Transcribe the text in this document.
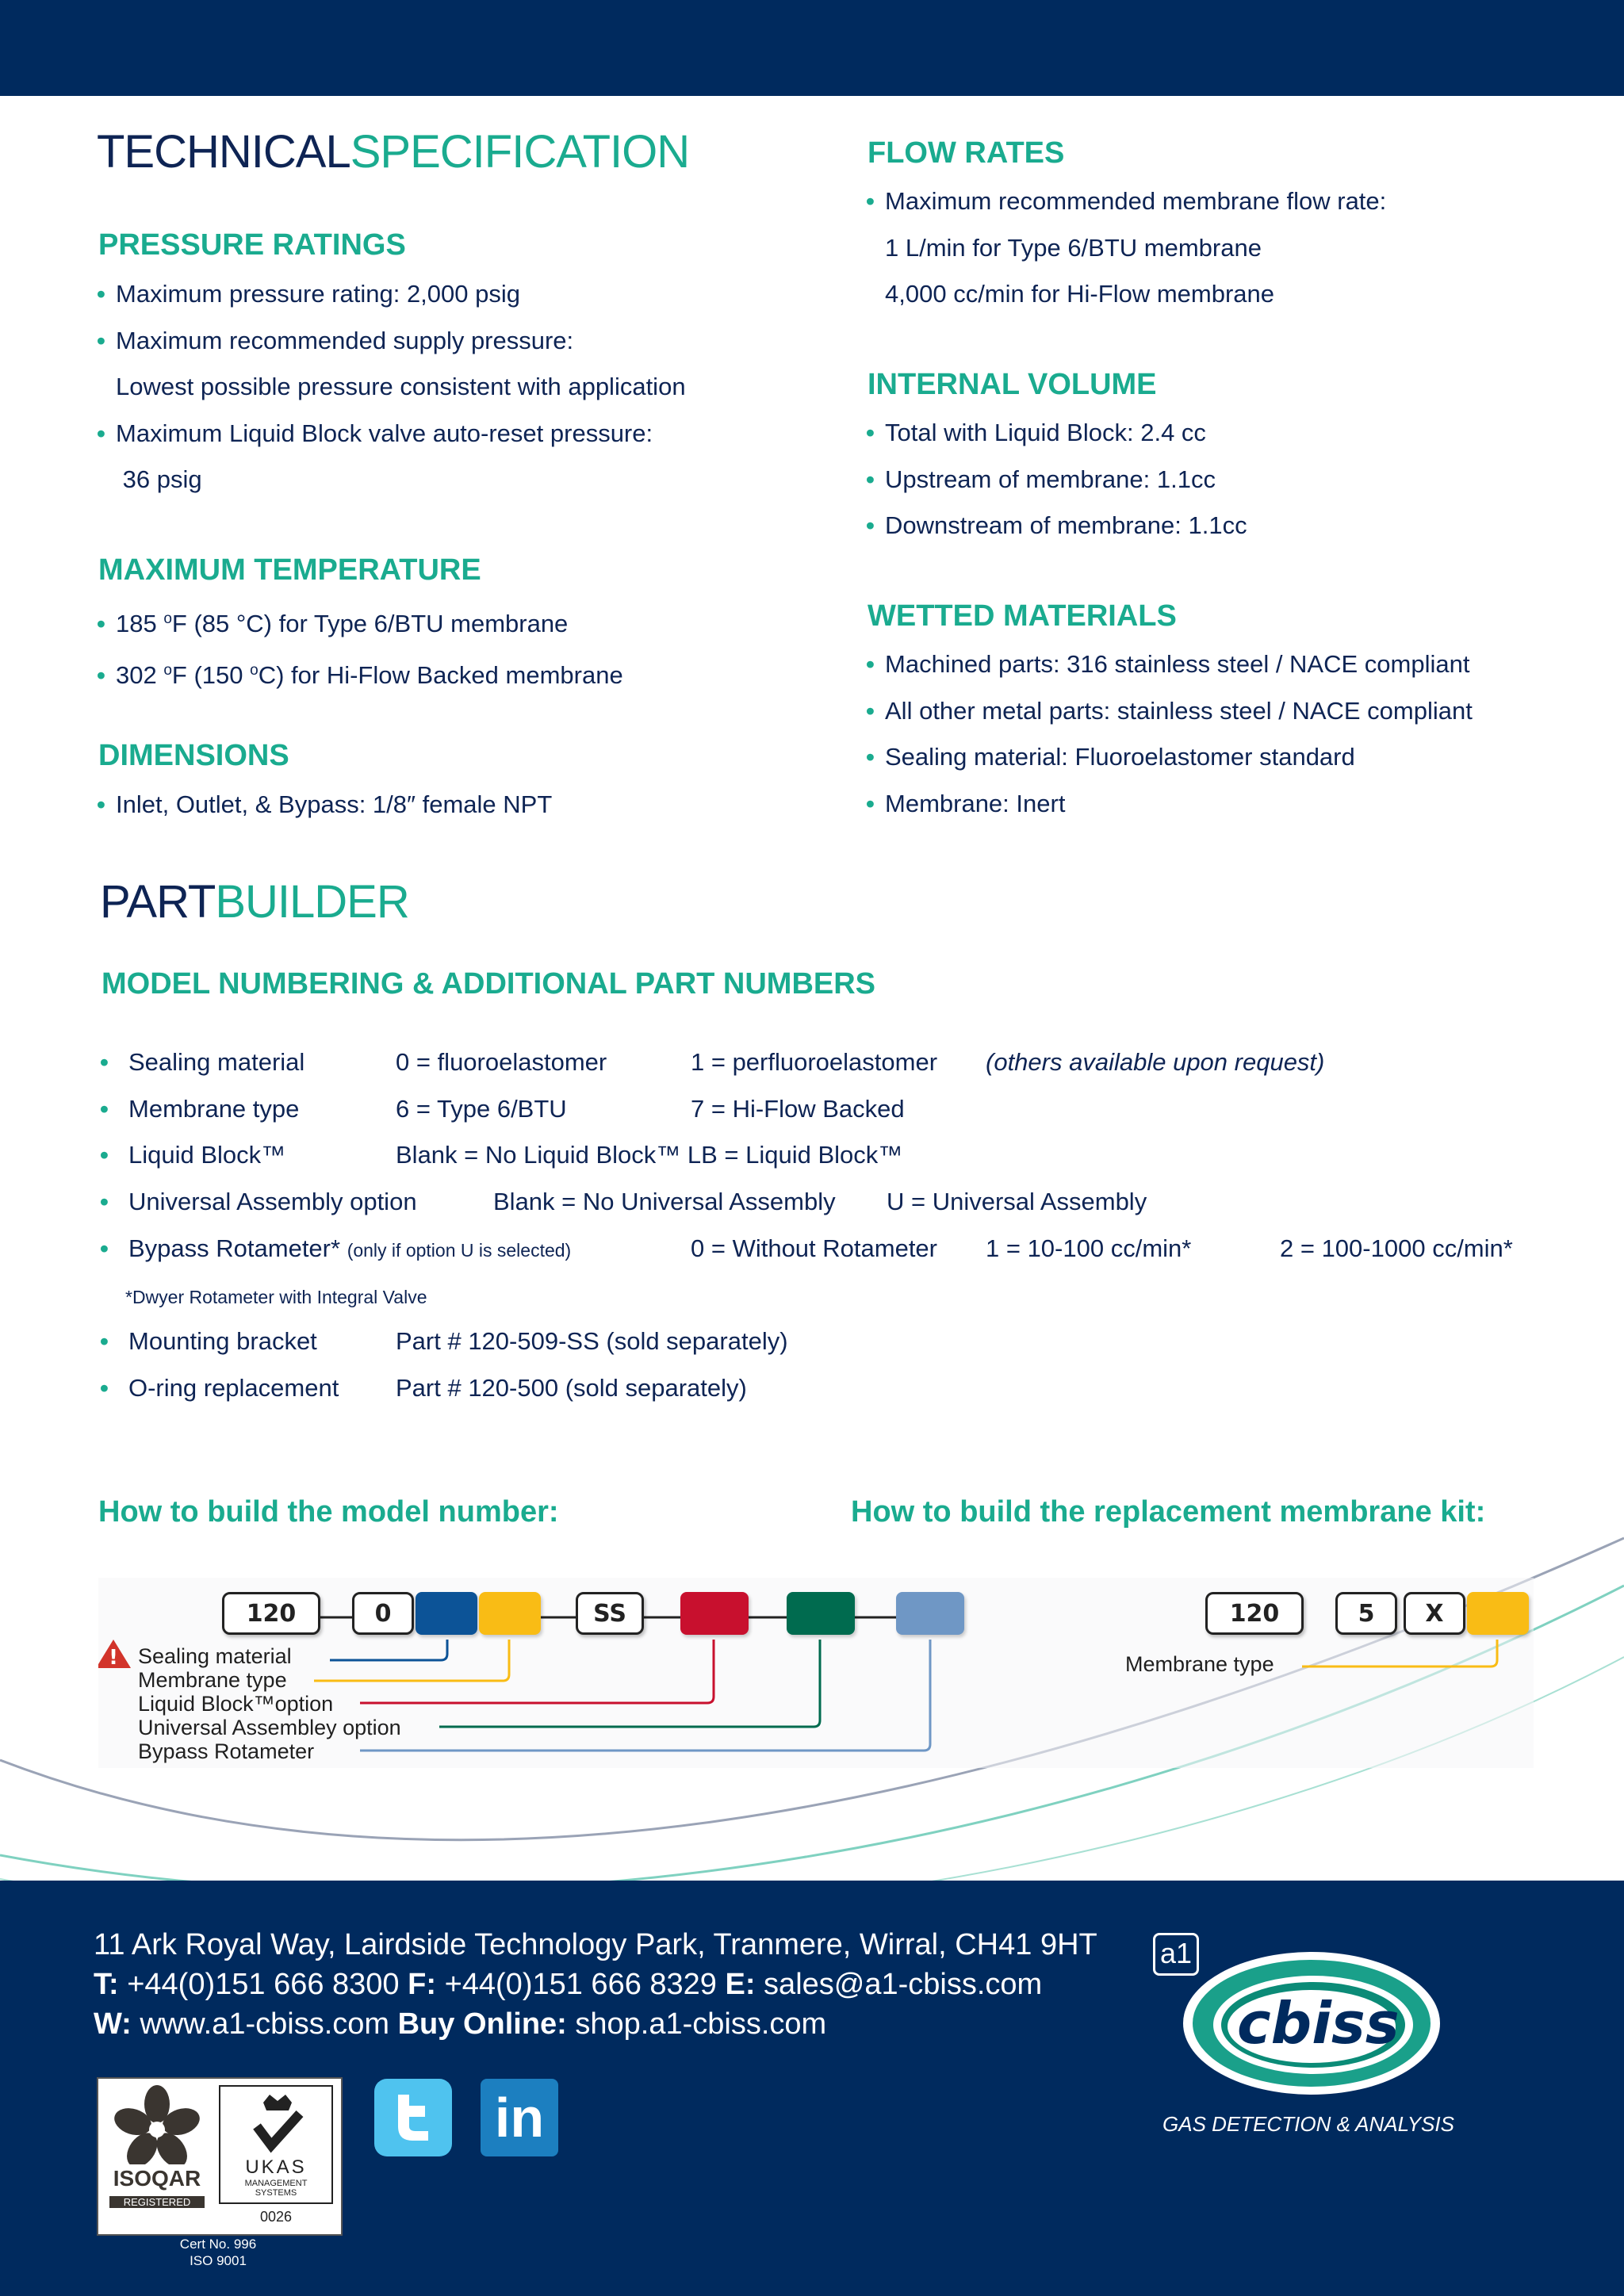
TECHNICALSPECIFICATION
PRESSURE RATINGS
• Maximum pressure rating: 2,000 psig
• Maximum recommended supply pressure:
Lowest possible pressure consistent with application
• Maximum Liquid Block valve auto-reset pressure:
36 psig
MAXIMUM TEMPERATURE
• 185 $^o$F (85 °C) for Type 6/BTU membrane
• 302 $^o$F (150 $^o$C) for Hi-Flow Backed membrane
DIMENSIONS
• Inlet, Outlet, & Bypass: 1/8″ female NPT
FLOW RATES
• Maximum recommended membrane flow rate:
1 L/min for Type 6/BTU membrane
4,000 cc/min for Hi-Flow membrane
INTERNAL VOLUME
• Total with Liquid Block: 2.4 cc
• Upstream of membrane: 1.1cc
• Downstream of membrane: 1.1cc
WETTED MATERIALS
• Machined parts: 316 stainless steel / NACE compliant
• All other metal parts: stainless steel / NACE compliant
• Sealing material: Fluoroelastomer standard
• Membrane: Inert
PARTBUILDER
MODEL NUMBERING & ADDITIONAL PART NUMBERS
• Sealing material	0 = fluoroelastomer	1 = perfluoroelastomer (others available upon request)
• Membrane type	6 = Type 6/BTU	7 = Hi-Flow Backed
• Liquid Block™	Blank = No Liquid Block™ LB = Liquid Block™
• Universal Assembly option	Blank = No Universal Assembly U = Universal Assembly
• Bypass Rotameter* (only if option U is selected)	0 = Without Rotameter 1 = 10-100 cc/min*	2 = 100-1000 cc/min*
*Dwyer Rotameter with Integral Valve
• Mounting bracket	Part # 120-509-SS (sold separately)
• O-ring replacement Part # 120-500 (sold separately)
How to build the model number:	How to build the replacement membrane kit:
!
120	0	SS
Sealing material
Membrane type
Liquid Block™option
Universal Assembley option
Bypass Rotameter
120	5	X
Membrane type
11 Ark Royal Way, Lairdside Technology Park, Tranmere, Wirral, CH41 9HT
T: +44(0)151 666 8300 F: +44(0)151 666 8329 E: sales@a1-cbiss.com
W: www.a1-cbiss.com Buy Online: shop.a1-cbiss.com
a1
cbiss
GAS DETECTION & ANALYSIS
ISOQAR
REGISTERED
UKAS
MANAGEMENT SYSTEMS
0026
Cert No. 996
ISO 9001
in
